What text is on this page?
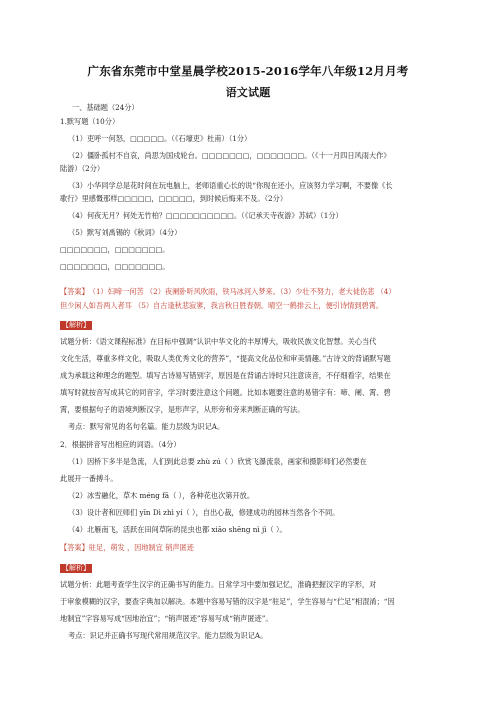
广东省东莞市中堂星晨学校2015-2016学年八年级12月月考
语文试题
一、基础题（24分）
1.默写题（10分）
（1）吏呼一何怒，□□□□□。（《石壕吏》杜甫）（1分）
（2）僵卧孤村不自哀，尚思为国戍轮台。□□□□□□□，□□□□□□□。（《十一月四日风雨大作》
陆游）（2分）
（3）小华同学总是花时间在玩电脑上，老师语重心长的说“你现在还小，应该努力学习啊，不要像《长
歌行》里感慨那样□□□□□，□□□□□，到时候后悔来不及。（2分）
（4）何夜无月？何处无竹柏？□□□□□□□□□□。（《记承天寺夜游》苏轼）（1分）
（5）默写刘禹锡的《秋词》（4分）
□□□□□□□，□□□□□□□。
□□□□□□□，□□□□□□□。
【答案】（1）妇啼一何苦 （2）夜阑卧听风吹雨，铁马冰河入梦来。（3）少壮不努力，老大徒伤悲 （4）
但少闲人如吾两人者耳 （5）自古逢秋悲寂寥，我言秋日胜春朝。晴空一鹤排云上，便引诗情到碧霄。
【解析】
试题分析：《语文课程标准》在目标中强调“认识中华文化的丰厚博大，吸收民族文化智慧。关心当代
文化生活，尊重多样文化，吸取人类优秀文化的营养”，“提高文化品位和审美情趣。”古诗文的背诵默写题
成为承载这种理念的题型。填写古诗易写错别字，原因是在背诵古诗时只注意读音，不仔细看字，结果在
填写时就按音写成其它的同音字，学习时要注意这个问题。比如本题要注意的易错字有：啼、阑、霄、碧
霄，要根据句子的语境判断汉字，是形声字，从形旁和旁来判断正确的写法。
考点：默写常见的名句名篇。能力层级为识记A。
2．根据拼音写出相应的词语。（4分）
（1）因桥下多半是急流，人们到此总要 zhù zú（ ）欣赏飞瀑流泉，画家和摄影师们必然要在
此展开一番搏斗。
（2）冰雪融化，草木 méng fā（ ），各种花也次第开放。
（3）设计者和匠师们 yīn Dì zhì yí（ ），自出心裁，修建成功的园林当然各个不同。
（4）北雁南飞，活跃在田间草际的昆虫也都 xiāo shēng nì jì（ ）。
【答案】驻足，萌发 ，因地制宜 销声匿迹
【解析】
试题分析：此题考查学生汉字的正确书写的能力。日常学习中要加强记忆，准确把握汉字的字形，对
于审象模糊的汉字，要查字典加以解决。本题中容易写错的汉字是“驻足”，学生容易与“伫足”相混淆；“因
地制宜”字容易写成“因地治宜”；“销声匿迹”容易写成“销声匿迹”。
考点：识记并正确书写现代常用规范汉字。能力层级为识记A。
